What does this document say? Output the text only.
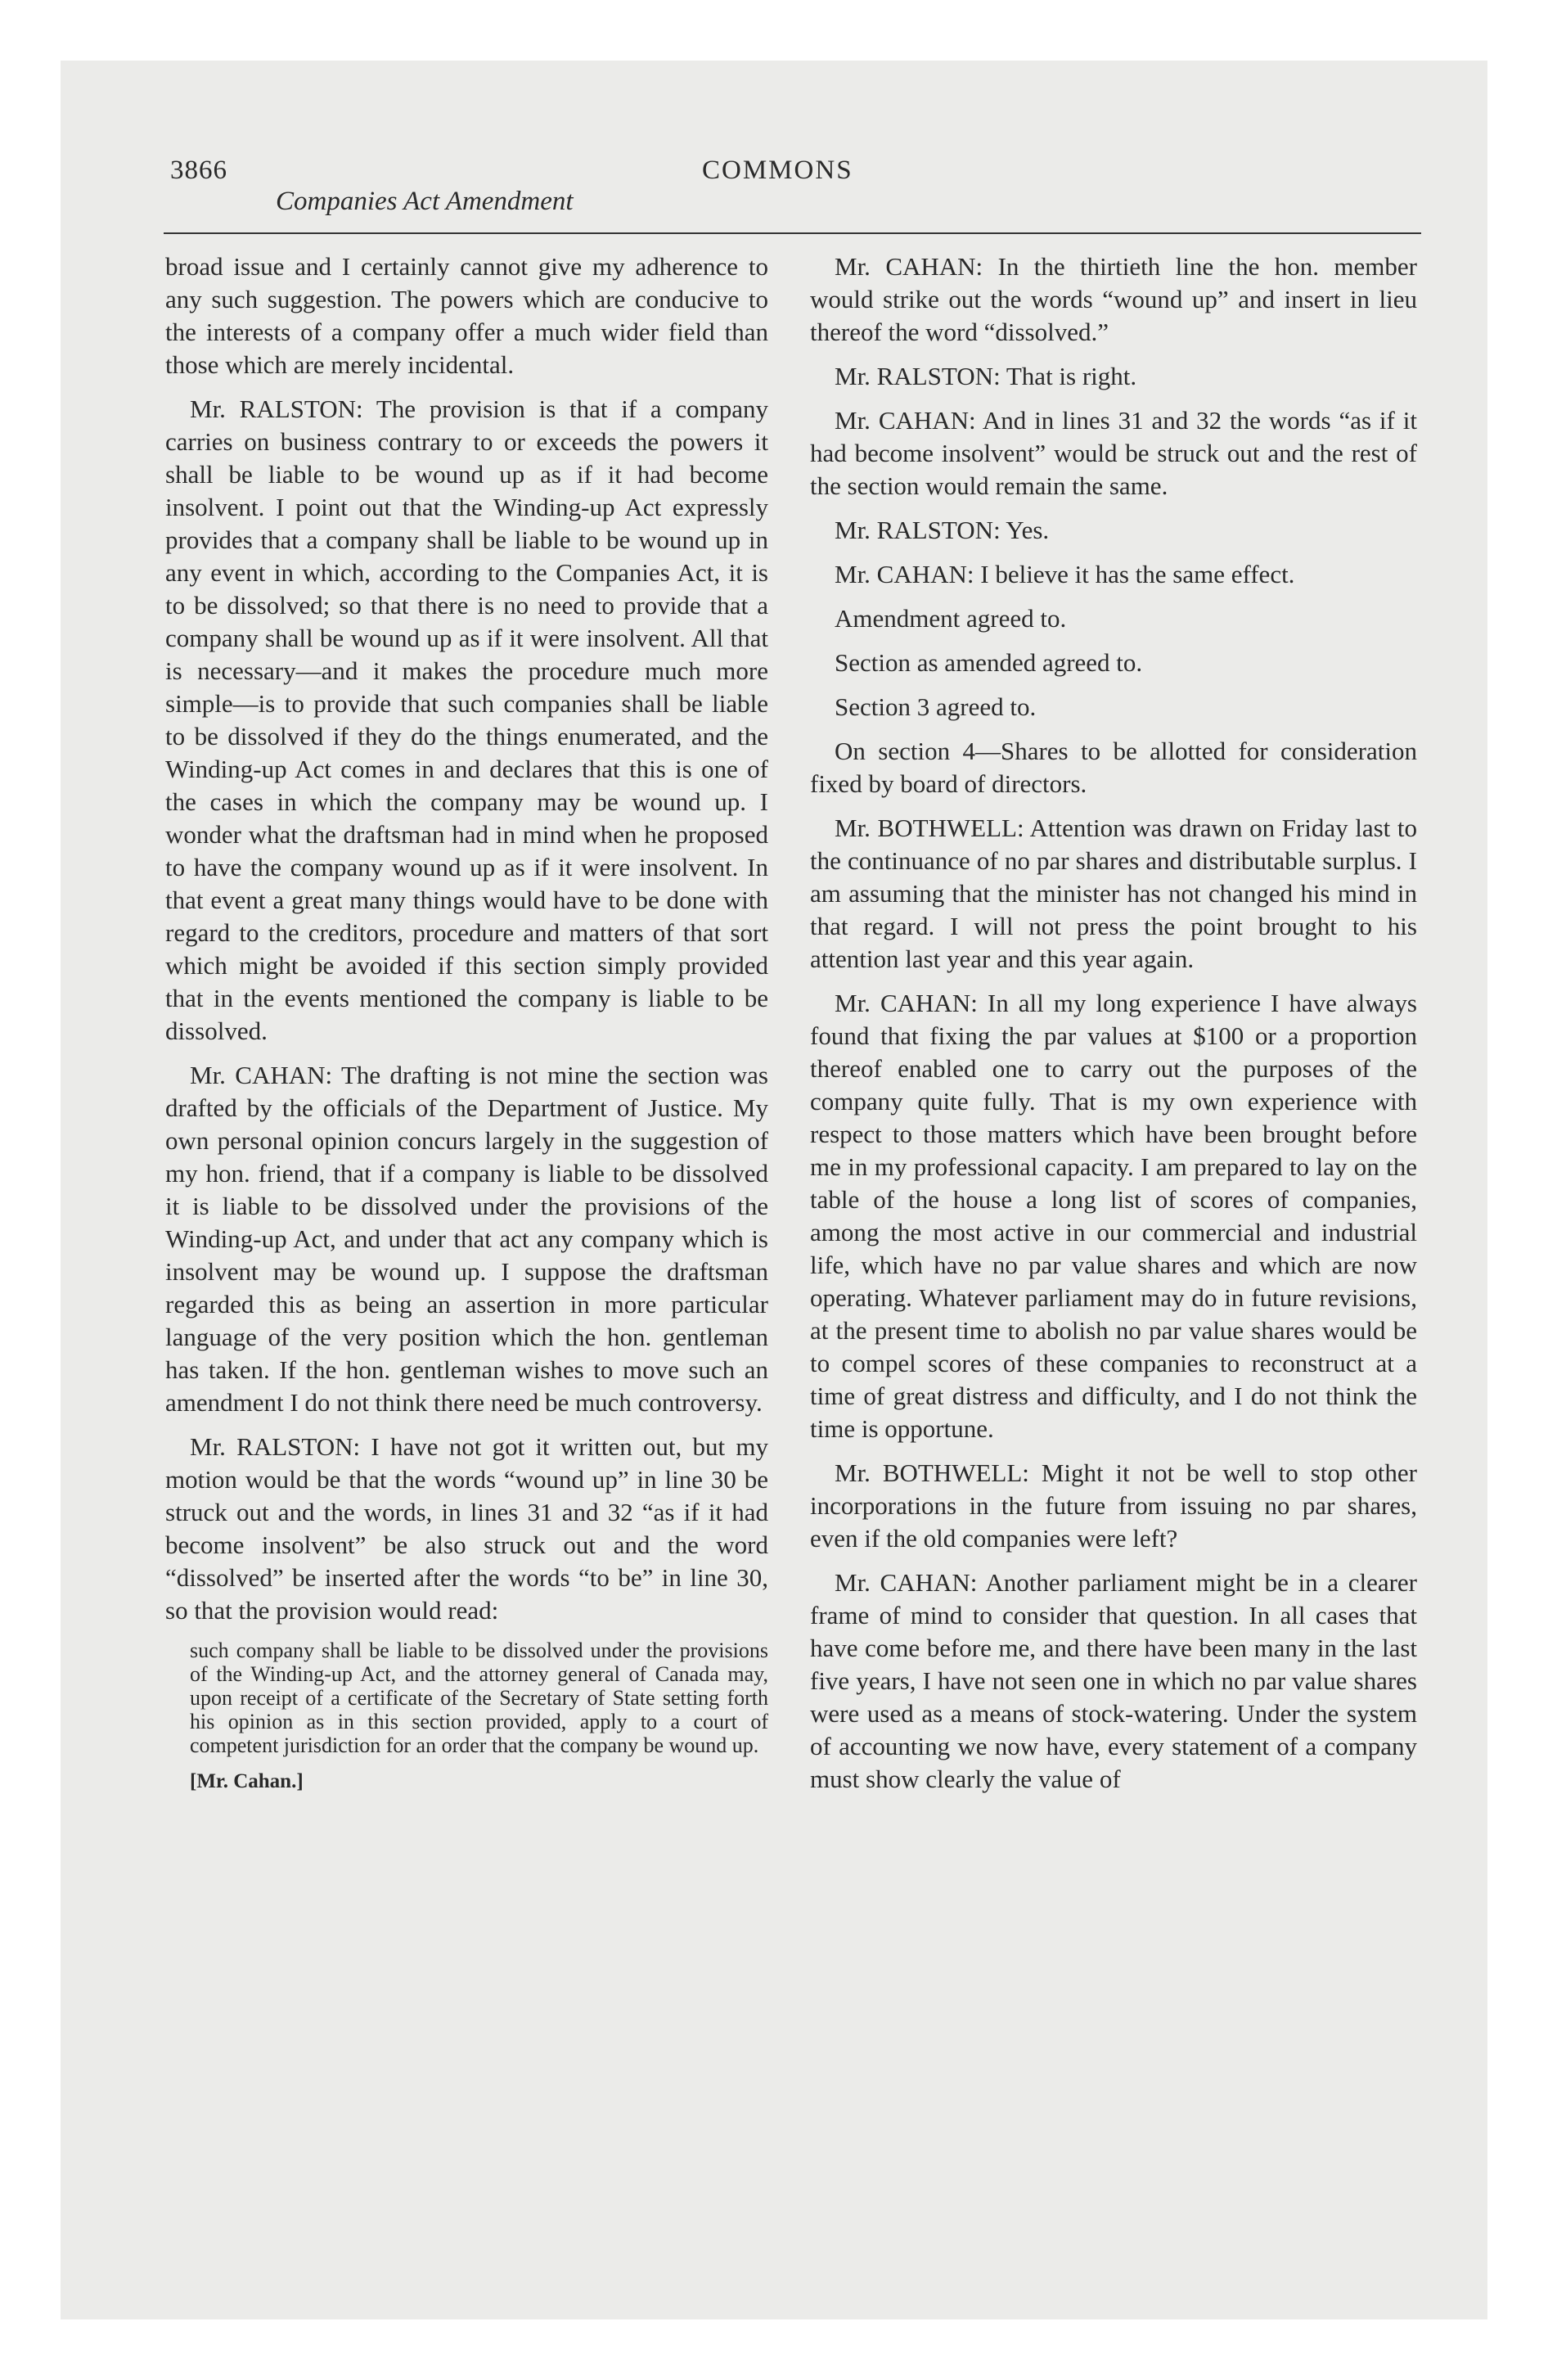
3866	COMMONS
Companies Act Amendment

broad issue and I certainly cannot give my adherence to any such suggestion. The powers which are conducive to the interests of a company offer a much wider field than those which are merely incidental.

Mr. RALSTON: The provision is that if a company carries on business contrary to or exceeds the powers it shall be liable to be wound up as if it had become insolvent. I point out that the Winding-up Act expressly provides that a company shall be liable to be wound up in any event in which, according to the Companies Act, it is to be dissolved; so that there is no need to provide that a company shall be wound up as if it were insolvent. All that is necessary—and it makes the procedure much more simple—is to provide that such companies shall be liable to be dissolved if they do the things enumerated, and the Winding-up Act comes in and declares that this is one of the cases in which the company may be wound up. I wonder what the draftsman had in mind when he proposed to have the company wound up as if it were insolvent. In that event a great many things would have to be done with regard to the creditors, procedure and matters of that sort which might be avoided if this section simply provided that in the events mentioned the company is liable to be dissolved.

Mr. CAHAN: The drafting is not mine the section was drafted by the officials of the Department of Justice. My own personal opinion concurs largely in the suggestion of my hon. friend, that if a company is liable to be dissolved it is liable to be dissolved under the provisions of the Winding-up Act, and under that act any company which is insolvent may be wound up. I suppose the draftsman regarded this as being an assertion in more particular language of the very position which the hon. gentleman has taken. If the hon. gentleman wishes to move such an amendment I do not think there need be much controversy.

Mr. RALSTON: I have not got it written out, but my motion would be that the words “wound up” in line 30 be struck out and the words, in lines 31 and 32 “as if it had become insolvent” be also struck out and the word “dissolved” be inserted after the words “to be” in line 30, so that the provision would read:

such company shall be liable to be dissolved under the provisions of the Winding-up Act, and the attorney general of Canada may, upon receipt of a certificate of the Secretary of State setting forth his opinion as in this section provided, apply to a court of competent jurisdiction for an order that the company be wound up.

[Mr. Cahan.]

Mr. CAHAN: In the thirtieth line the hon. member would strike out the words “wound up” and insert in lieu thereof the word “dissolved.”

Mr. RALSTON: That is right.

Mr. CAHAN: And in lines 31 and 32 the words “as if it had become insolvent” would be struck out and the rest of the section would remain the same.

Mr. RALSTON: Yes.

Mr. CAHAN: I believe it has the same effect.

Amendment agreed to.

Section as amended agreed to.

Section 3 agreed to.

On section 4—Shares to be allotted for consideration fixed by board of directors.

Mr. BOTHWELL: Attention was drawn on Friday last to the continuance of no par shares and distributable surplus. I am assuming that the minister has not changed his mind in that regard. I will not press the point brought to his attention last year and this year again.

Mr. CAHAN: In all my long experience I have always found that fixing the par values at $100 or a proportion thereof enabled one to carry out the purposes of the company quite fully. That is my own experience with respect to those matters which have been brought before me in my professional capacity. I am prepared to lay on the table of the house a long list of scores of companies, among the most active in our commercial and industrial life, which have no par value shares and which are now operating. Whatever parliament may do in future revisions, at the present time to abolish no par value shares would be to compel scores of these companies to reconstruct at a time of great distress and difficulty, and I do not think the time is opportune.

Mr. BOTHWELL: Might it not be well to stop other incorporations in the future from issuing no par shares, even if the old companies were left?

Mr. CAHAN: Another parliament might be in a clearer frame of mind to consider that question. In all cases that have come before me, and there have been many in the last five years, I have not seen one in which no par value shares were used as a means of stock-watering. Under the system of accounting we now have, every statement of a company must show clearly the value of
